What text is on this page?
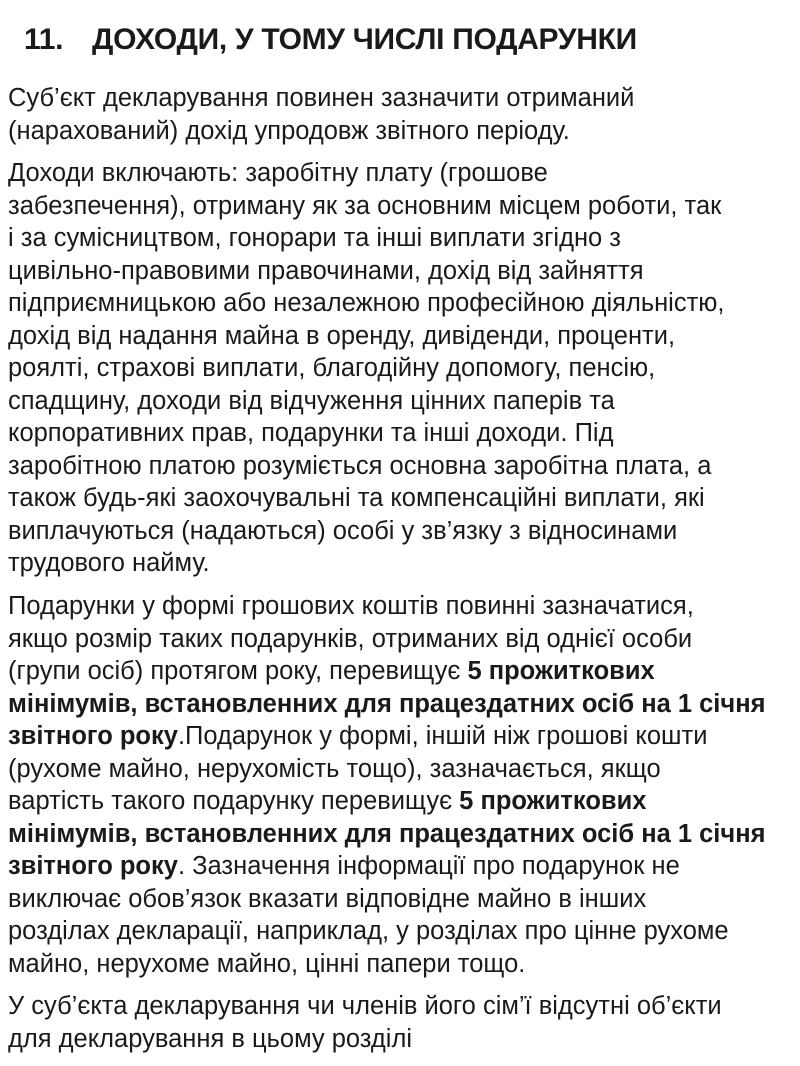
11. ДОХОДИ, У ТОМУ ЧИСЛІ ПОДАРУНКИ

Суб’єкт декларування повинен зазначити отриманий
(нарахований) дохід упродовж звітного періоду.

Доходи включають: заробітну плату (грошове
забезпечення), отриману як за основним місцем роботи, так
і за сумісництвом, гонорари та інші виплати згідно з
цивільно-правовими правочинами, дохід від зайняття
підприємницькою або незалежною професійною діяльністю,
дохід від надання майна в оренду, дивіденди, проценти,
роялті, страхові виплати, благодійну допомогу, пенсію,
спадщину, доходи від відчуження цінних паперів та
корпоративних прав, подарунки та інші доходи. Під
заробітною платою розуміється основна заробітна плата, а
також будь-які заохочувальні та компенсаційні виплати, які
виплачуються (надаються) особі у зв’язку з відносинами
трудового найму.

Подарунки у формі грошових коштів повинні зазначатися,
якщо розмір таких подарунків, отриманих від однієї особи
(групи осіб) протягом року, перевищує 5 прожиткових
мінімумів, встановленних для працездатних осіб на 1 січня
звітного року.Подарунок у формі, іншій ніж грошові кошти
(рухоме майно, нерухомість тощо), зазначається, якщо
вартість такого подарунку перевищує 5 прожиткових
мінімумів, встановленних для працездатних осіб на 1 січня
звітного року. Зазначення інформації про подарунок не
виключає обов’язок вказати відповідне майно в інших
розділах декларації, наприклад, у розділах про цінне рухоме
майно, нерухоме майно, цінні папери тощо.

У суб’єкта декларування чи членів його сім’ї відсутні об’єкти
для декларування в цьому розділі
